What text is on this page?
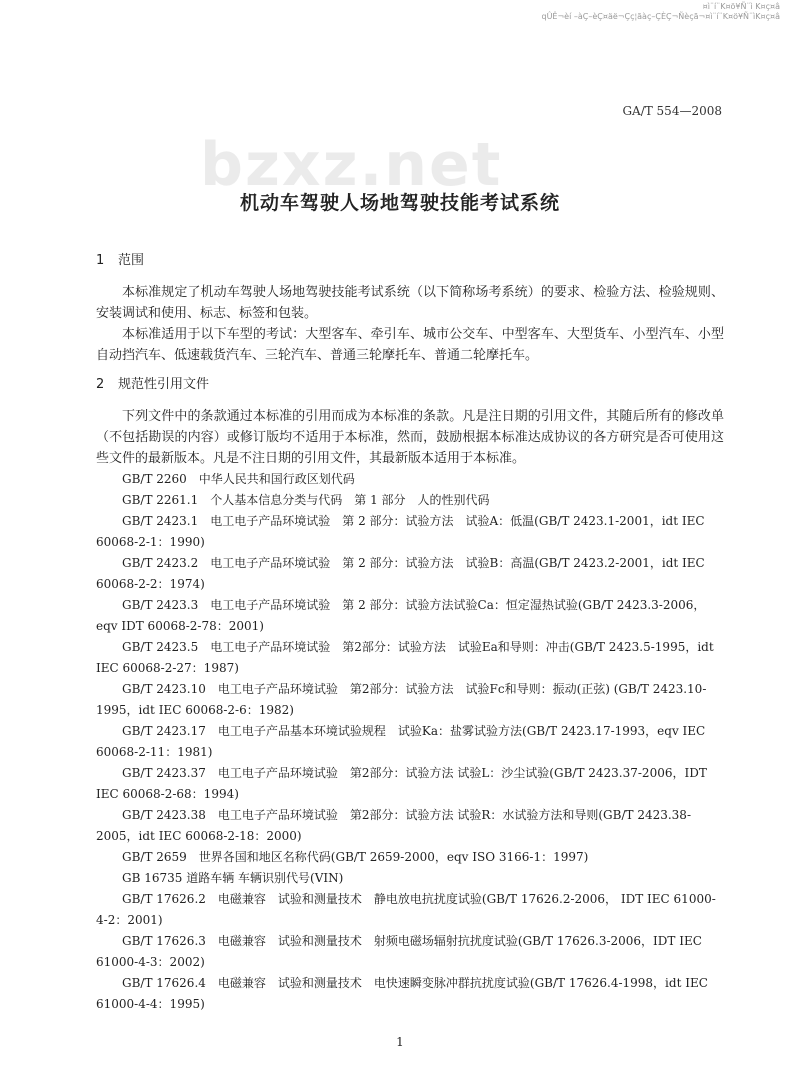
¤ì¨í¨K¤ö¥Ñ¨ì K¤ç¤â
qÛÊ¬èí –àÇ–èÇ¤äë¬Çç¦ãàç–ÇÈÇ¬Ñèçã¬¤ì¨í¨K¤ö¥Ñ¨ìK¤ç¤â
GA/T 554—2008
bzxz.net
机动车驾驶人场地驾驶技能考试系统
1 范围

本标准规定了机动车驾驶人场地驾驶技能考试系统（以下简称场考系统）的要求、检验方法、检验规则、安装调试和使用、标志、标签和包装。

本标准适用于以下车型的考试：大型客车、牵引车、城市公交车、中型客车、大型货车、小型汽车、小型自动挡汽车、低速载货汽车、三轮汽车、普通三轮摩托车、普通二轮摩托车。

2 规范性引用文件

下列文件中的条款通过本标准的引用而成为本标准的条款。凡是注日期的引用文件，其随后所有的修改单（不包括勘误的内容）或修订版均不适用于本标准，然而，鼓励根据本标准达成协议的各方研究是否可使用这些文件的最新版本。凡是不注日期的引用文件，其最新版本适用于本标准。

GB/T 2260　中华人民共和国行政区划代码

GB/T 2261.1　个人基本信息分类与代码　第 1 部分　人的性别代码

GB/T 2423.1　电工电子产品环境试验　第 2 部分：试验方法　试验A：低温(GB/T 2423.1-2001，idt IEC 60068-2-1：1990)

GB/T 2423.2　电工电子产品环境试验　第 2 部分：试验方法　试验B：高温(GB/T 2423.2-2001，idt IEC 60068-2-2：1974)

GB/T 2423.3　电工电子产品环境试验　第 2 部分：试验方法试验Ca：恒定湿热试验(GB/T 2423.3-2006，eqv IDT 60068-2-78：2001)

GB/T 2423.5　电工电子产品环境试验　第2部分：试验方法　试验Ea和导则：冲击(GB/T 2423.5-1995，idt IEC 60068-2-27：1987)

GB/T 2423.10　电工电子产品环境试验　第2部分：试验方法　试验Fc和导则：振动(正弦) (GB/T 2423.10-1995，idt IEC 60068-2-6：1982)

GB/T 2423.17　电工电子产品基本环境试验规程　试验Ka：盐雾试验方法(GB/T 2423.17-1993，eqv IEC 60068-2-11：1981)

GB/T 2423.37　电工电子产品环境试验　第2部分：试验方法 试验L：沙尘试验(GB/T 2423.37-2006，IDT IEC 60068-2-68：1994)

GB/T 2423.38　电工电子产品环境试验　第2部分：试验方法 试验R：水试验方法和导则(GB/T 2423.38-2005，idt IEC 60068-2-18：2000)

GB/T 2659　世界各国和地区名称代码(GB/T 2659-2000，eqv ISO 3166-1：1997)

GB 16735 道路车辆 车辆识别代号(VIN)

GB/T 17626.2　电磁兼容　试验和测量技术　静电放电抗扰度试验(GB/T 17626.2-2006， IDT IEC 61000-4-2：2001)

GB/T 17626.3　电磁兼容　试验和测量技术　射频电磁场辐射抗扰度试验(GB/T 17626.3-2006，IDT IEC 61000-4-3：2002)

GB/T 17626.4　电磁兼容　试验和测量技术　电快速瞬变脉冲群抗扰度试验(GB/T 17626.4-1998，idt IEC 61000-4-4：1995)

1
